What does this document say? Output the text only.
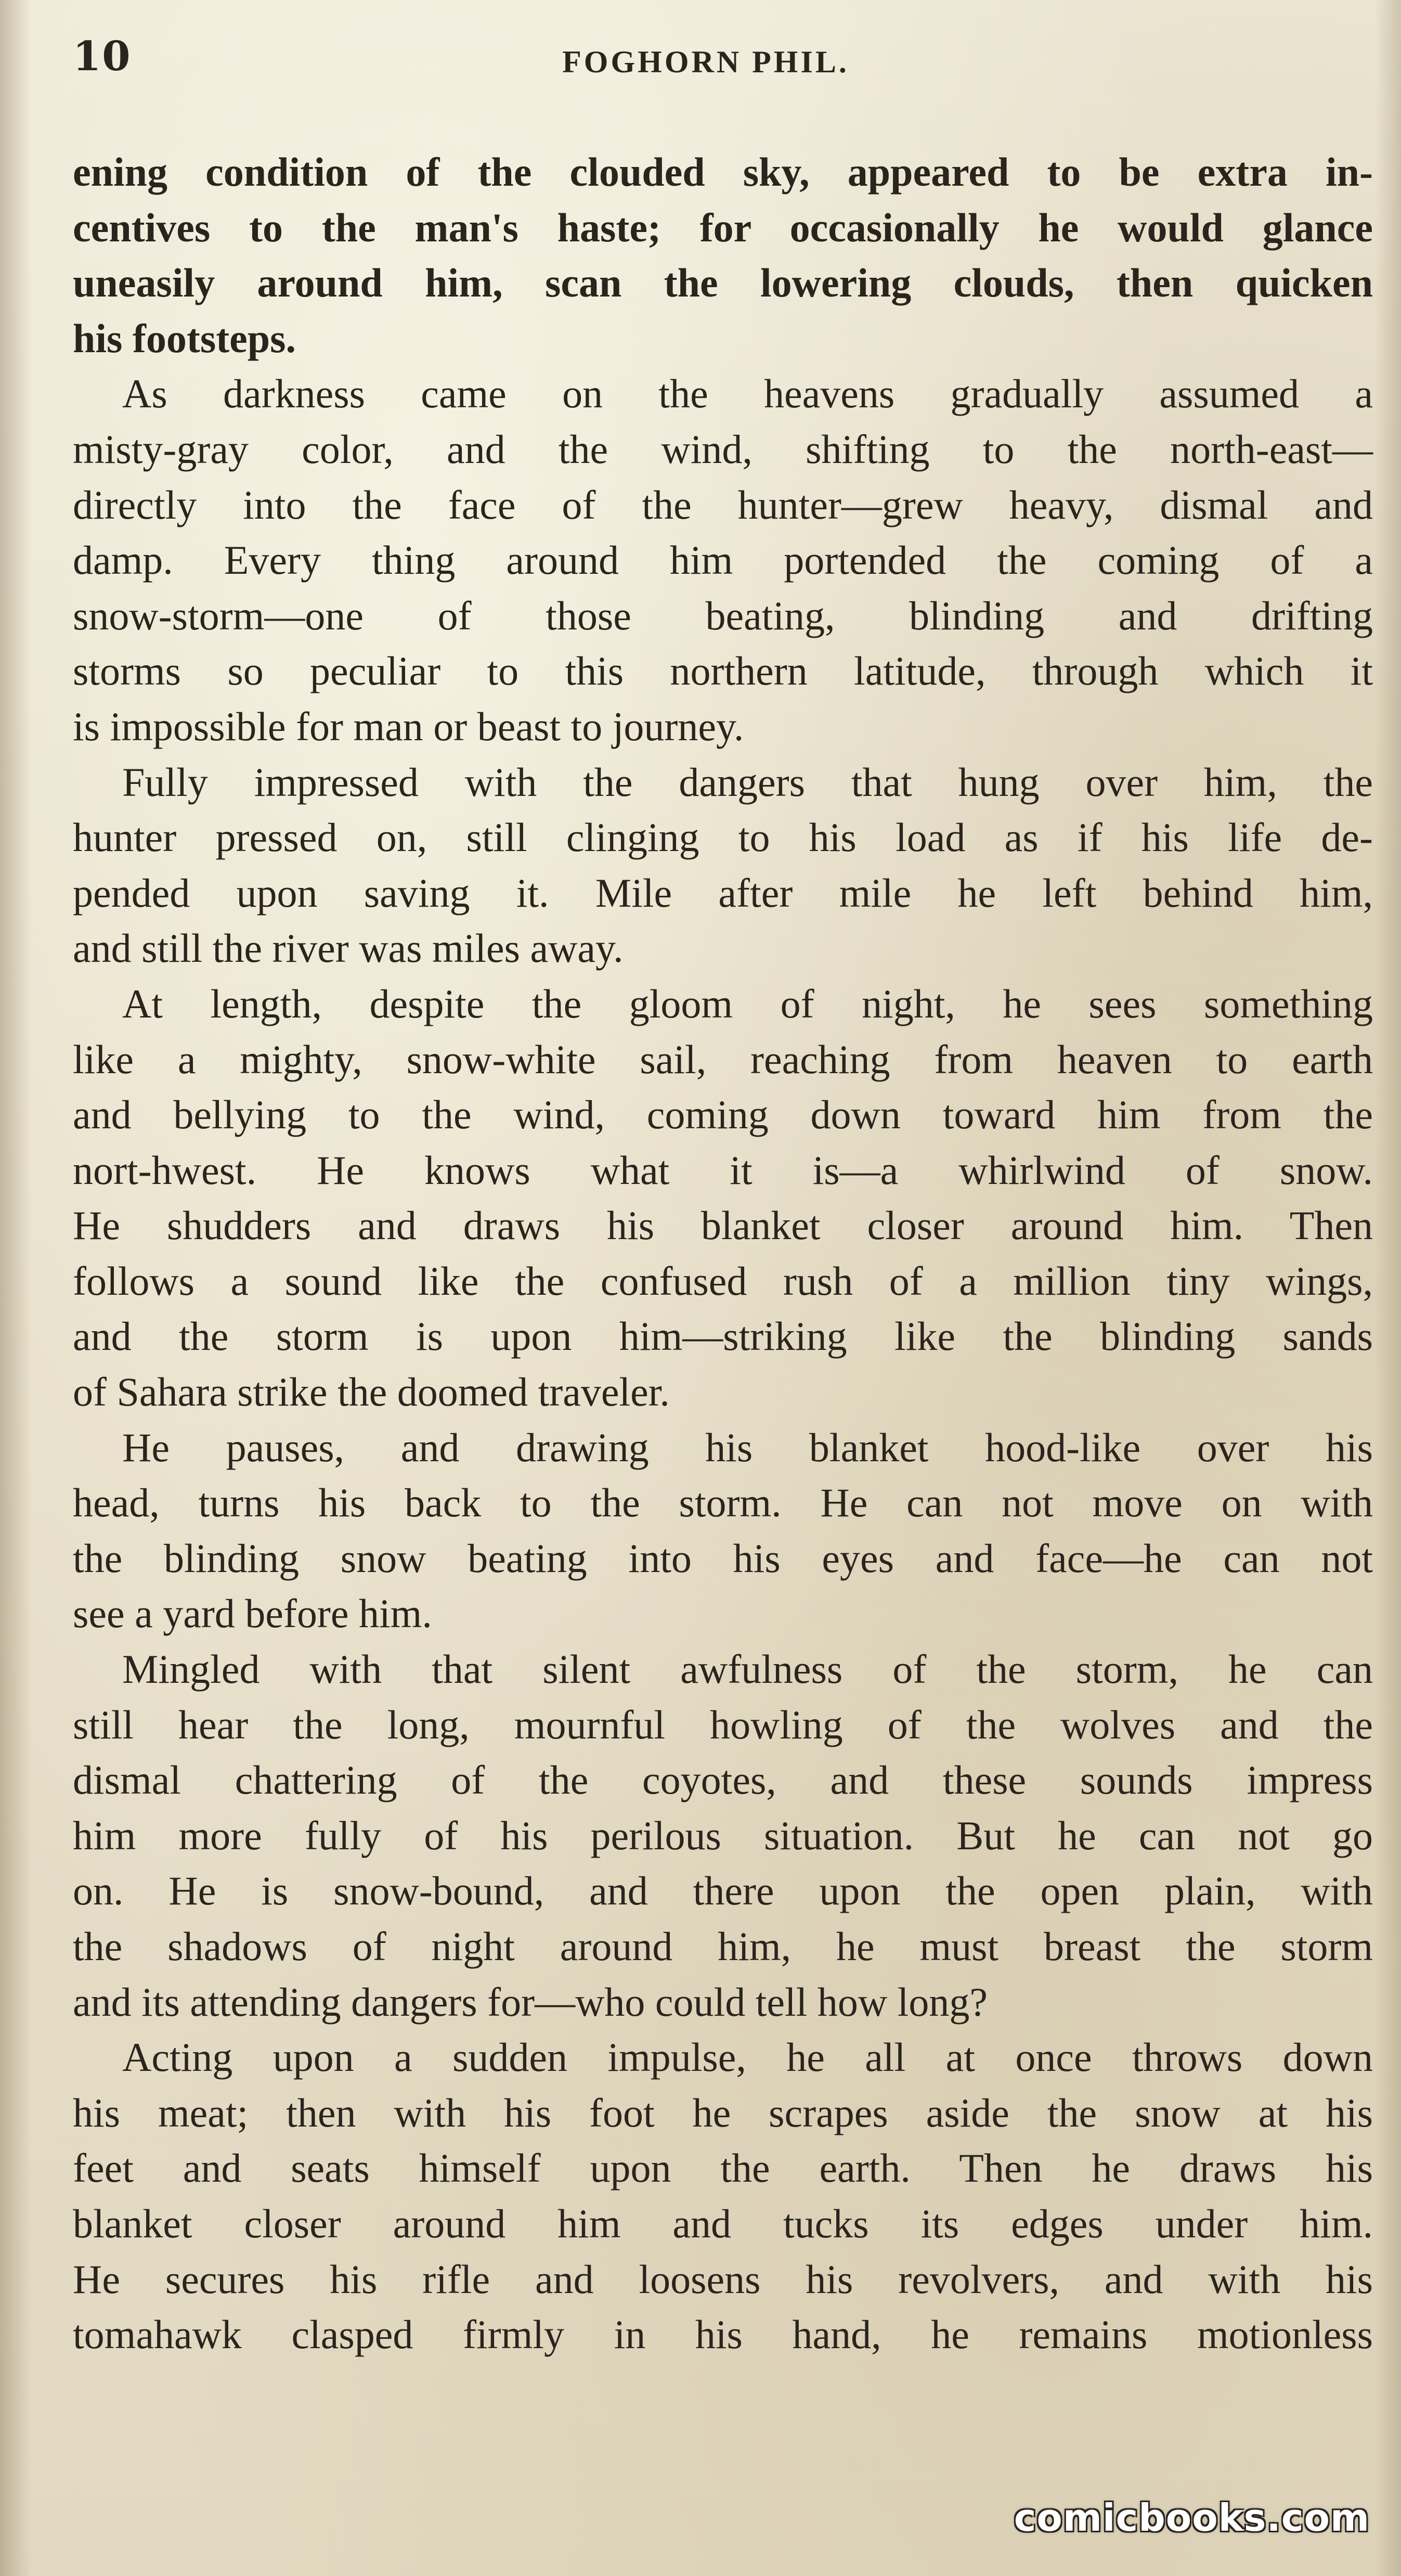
10	FOGHORN PHIL.
ening condition of the clouded sky, appeared to be extra in-
centives to the man's haste; for occasionally he would glance
uneasily around him, scan the lowering clouds, then quicken
his footsteps.
As darkness came on the heavens gradually assumed a
misty-gray color, and the wind, shifting to the north-east—
directly into the face of the hunter—grew heavy, dismal and
damp. Every thing around him portended the coming of a
snow-storm—one of those beating, blinding and drifting
storms so peculiar to this northern latitude, through which it
is impossible for man or beast to journey.
Fully impressed with the dangers that hung over him, the
hunter pressed on, still clinging to his load as if his life de-
pended upon saving it. Mile after mile he left behind him,
and still the river was miles away.
At length, despite the gloom of night, he sees something
like a mighty, snow-white sail, reaching from heaven to earth
and bellying to the wind, coming down toward him from the
nort-hwest. He knows what it is—a whirlwind of snow.
He shudders and draws his blanket closer around him. Then
follows a sound like the confused rush of a million tiny wings,
and the storm is upon him—striking like the blinding sands
of Sahara strike the doomed traveler.
He pauses, and drawing his blanket hood-like over his
head, turns his back to the storm. He can not move on with
the blinding snow beating into his eyes and face—he can not
see a yard before him.
Mingled with that silent awfulness of the storm, he can
still hear the long, mournful howling of the wolves and the
dismal chattering of the coyotes, and these sounds impress
him more fully of his perilous situation. But he can not go
on. He is snow-bound, and there upon the open plain, with
the shadows of night around him, he must breast the storm
and its attending dangers for—who could tell how long?
Acting upon a sudden impulse, he all at once throws down
his meat; then with his foot he scrapes aside the snow at his
feet and seats himself upon the earth. Then he draws his
blanket closer around him and tucks its edges under him.
He secures his rifle and loosens his revolvers, and with his
tomahawk clasped firmly in his hand, he remains motionless
comicbooks.com
